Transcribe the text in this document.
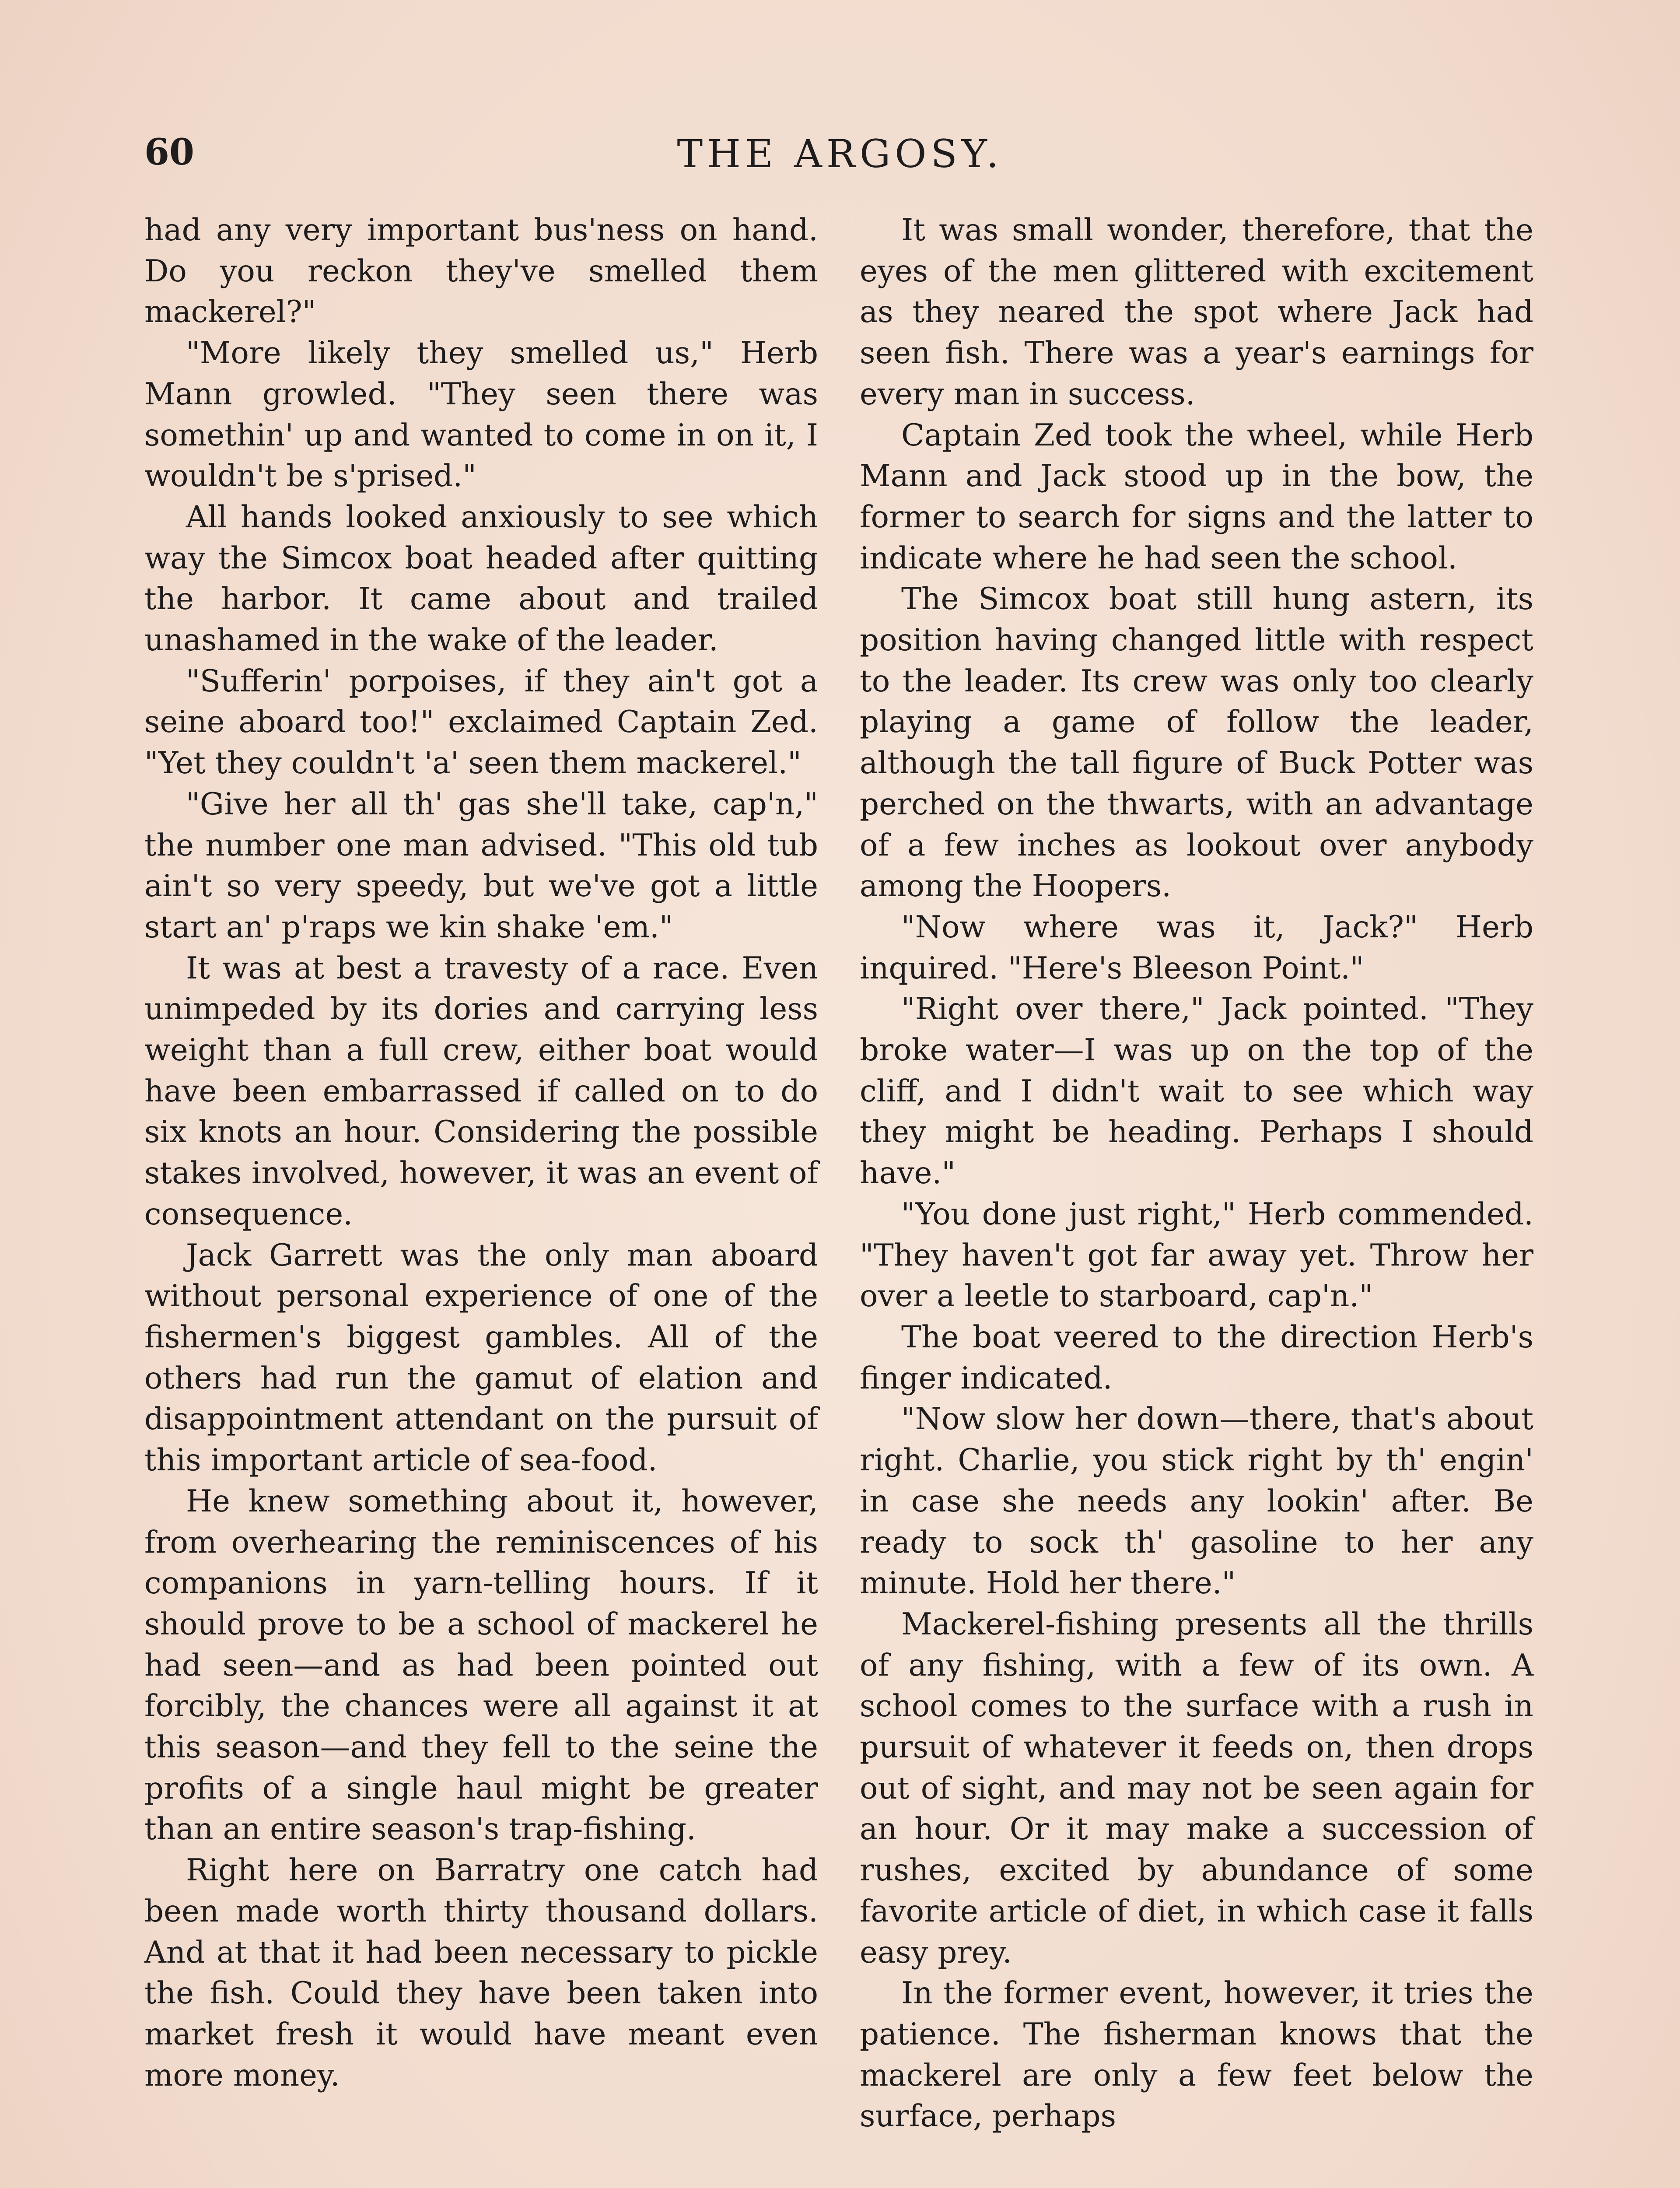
60	THE ARGOSY.

had any very important bus'ness on hand. Do you reckon they've smelled them mackerel?"

"More likely they smelled us," Herb Mann growled. "They seen there was somethin' up and wanted to come in on it, I wouldn't be s'prised."

All hands looked anxiously to see which way the Simcox boat headed after quitting the harbor. It came about and trailed unashamed in the wake of the leader.

"Sufferin' porpoises, if they ain't got a seine aboard too!" exclaimed Captain Zed. "Yet they couldn't 'a' seen them mackerel."

"Give her all th' gas she'll take, cap'n," the number one man advised. "This old tub ain't so very speedy, but we've got a little start an' p'raps we kin shake 'em."

It was at best a travesty of a race. Even unimpeded by its dories and carrying less weight than a full crew, either boat would have been embarrassed if called on to do six knots an hour. Considering the possible stakes involved, however, it was an event of consequence.

Jack Garrett was the only man aboard without personal experience of one of the fishermen's biggest gambles. All of the others had run the gamut of elation and disappointment attendant on the pursuit of this important article of sea-food.

He knew something about it, however, from overhearing the reminiscences of his companions in yarn-telling hours. If it should prove to be a school of mackerel he had seen—and as had been pointed out forcibly, the chances were all against it at this season—and they fell to the seine the profits of a single haul might be greater than an entire season's trap-fishing.

Right here on Barratry one catch had been made worth thirty thousand dollars. And at that it had been necessary to pickle the fish. Could they have been taken into market fresh it would have meant even more money.

It was small wonder, therefore, that the eyes of the men glittered with excitement as they neared the spot where Jack had seen fish. There was a year's earnings for every man in success.

Captain Zed took the wheel, while Herb Mann and Jack stood up in the bow, the former to search for signs and the latter to indicate where he had seen the school.

The Simcox boat still hung astern, its position having changed little with respect to the leader. Its crew was only too clearly playing a game of follow the leader, although the tall figure of Buck Potter was perched on the thwarts, with an advantage of a few inches as lookout over anybody among the Hoopers.

"Now where was it, Jack?" Herb inquired. "Here's Bleeson Point."

"Right over there," Jack pointed. "They broke water—I was up on the top of the cliff, and I didn't wait to see which way they might be heading. Perhaps I should have."

"You done just right," Herb commended. "They haven't got far away yet. Throw her over a leetle to starboard, cap'n."

The boat veered to the direction Herb's finger indicated.

"Now slow her down—there, that's about right. Charlie, you stick right by th' engin' in case she needs any lookin' after. Be ready to sock th' gasoline to her any minute. Hold her there."

Mackerel-fishing presents all the thrills of any fishing, with a few of its own. A school comes to the surface with a rush in pursuit of whatever it feeds on, then drops out of sight, and may not be seen again for an hour. Or it may make a succession of rushes, excited by abundance of some favorite article of diet, in which case it falls easy prey.

In the former event, however, it tries the patience. The fisherman knows that the mackerel are only a few feet below the surface, perhaps
